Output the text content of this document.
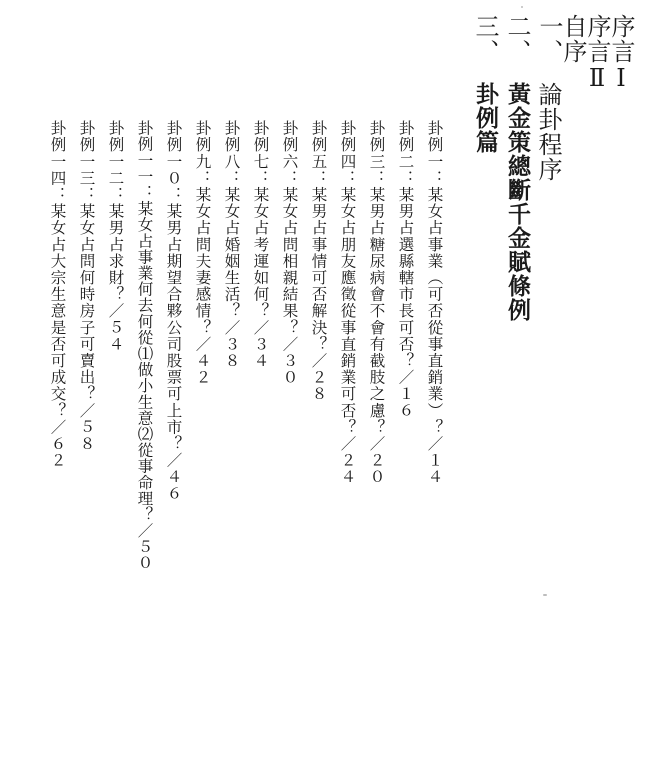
序言Ⅰ
序言Ⅱ
自序
一、
論卦程序
二、
黃金策總斷千金賦條例
三、
卦例篇
卦例一：某女占事業（可否從事直銷業）？／１４
卦例二：某男占選縣轄市長可否？／１６
卦例三：某男占糖尿病會不會有截肢之慮？／２０
卦例四：某女占朋友應徵從事直銷業可否？／２４
卦例五：某男占事情可否解決？／２８
卦例六：某女占問相親結果？／３０
卦例七：某女占考運如何？／３４
卦例八：某女占婚姻生活？／３８
卦例九：某女占問夫妻感情？／４２
卦例一０：某男占期望合夥公司股票可上市？／４６
卦例一一：某女占事業何去何從⑴做小生意⑵從事命理？／５０
卦例一二：某男占求財？／５４
卦例一三：某女占問何時房子可賣出？／５８
卦例一四：某女占大宗生意是否可成交？／６２
